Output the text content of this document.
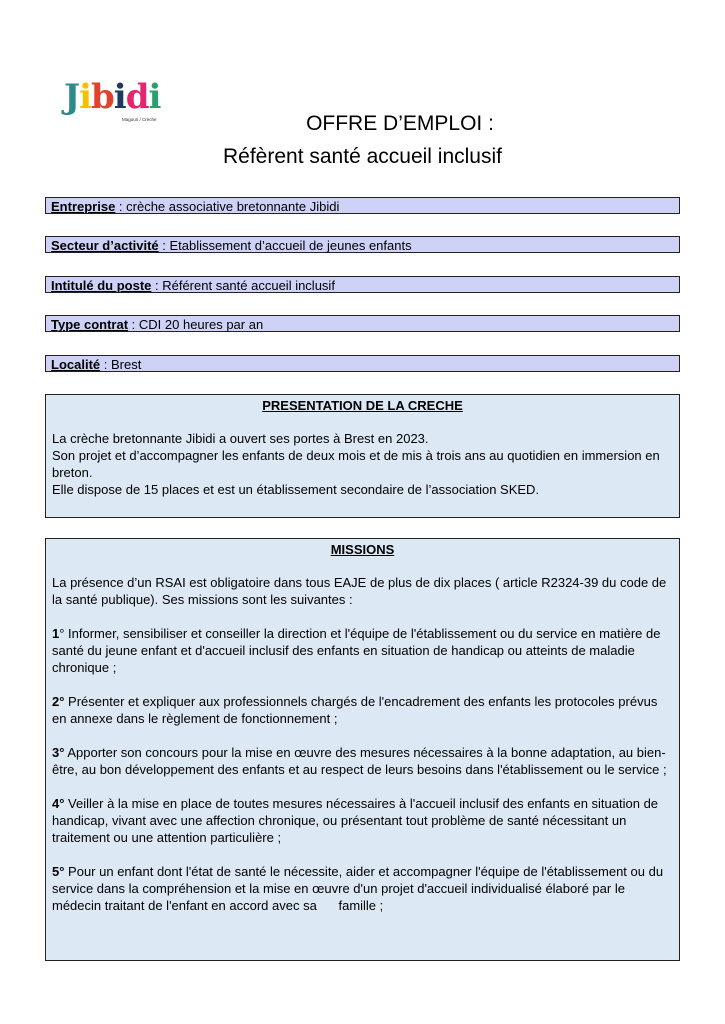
Jibidi
Magouri / Crèche	OFFRE D’EMPLOI :
Réfèrent santé accueil inclusif
Entreprise : crèche associative bretonnante Jibidi
Secteur d’activité : Etablissement d’accueil de jeunes enfants
Intitulé du poste : Référent santé accueil inclusif
Type contrat : CDI 20 heures par an
Localité : Brest
PRESENTATION DE LA CRECHE

La crèche bretonnante Jibidi a ouvert ses portes à Brest en 2023.

Son projet et d’accompagner les enfants de deux mois et de mis à trois ans au quotidien en immersion en breton.

Elle dispose de 15 places et est un établissement secondaire de l’association SKED.

MISSIONS

La présence d’un RSAI est obligatoire dans tous EAJE de plus de dix places ( article R2324-39 du code de la santé publique). Ses missions sont les suivantes :

1° Informer, sensibiliser et conseiller la direction et l'équipe de l'établissement ou du service en matière de santé du jeune enfant et d'accueil inclusif des enfants en situation de handicap ou atteints de maladie chronique ;

2° Présenter et expliquer aux professionnels chargés de l'encadrement des enfants les protocoles prévus en annexe dans le règlement de fonctionnement ;

3° Apporter son concours pour la mise en œuvre des mesures nécessaires à la bonne adaptation, au bien-être, au bon développement des enfants et au respect de leurs besoins dans l'établissement ou le service ;

4° Veiller à la mise en place de toutes mesures nécessaires à l'accueil inclusif des enfants en situation de handicap, vivant avec une affection chronique, ou présentant tout problème de santé nécessitant un traitement ou une attention particulière ;

5° Pour un enfant dont l'état de santé le nécessite, aider et accompagner l'équipe de l'établissement ou du service dans la compréhension et la mise en œuvre d'un projet d'accueil individualisé élaboré par le médecin traitant de l'enfant en accord avec sa      famille ;
